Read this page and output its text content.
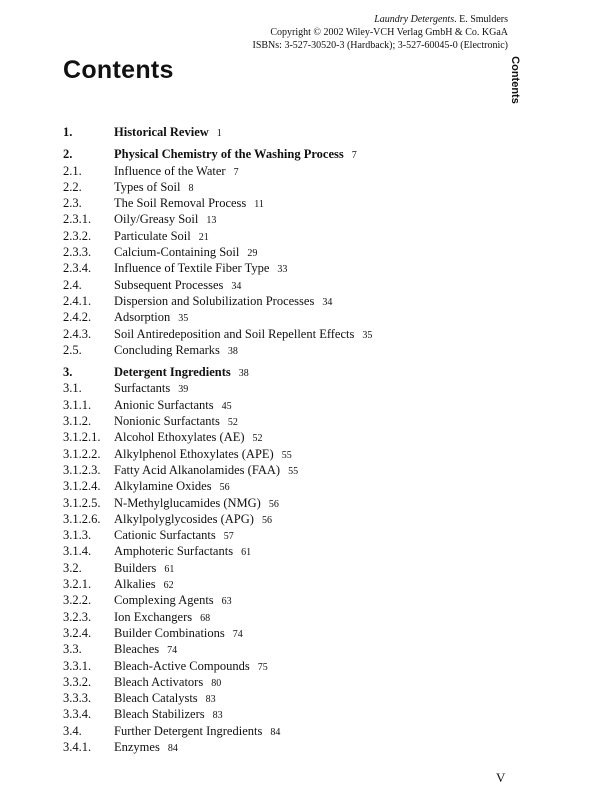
Laundry Detergents. E. Smulders
Copyright © 2002 Wiley-VCH Verlag GmbH & Co. KGaA
ISBNs: 3-527-30520-3 (Hardback); 3-527-60045-0 (Electronic)
Contents
Contents
1.	Historical Review 1
2.	Physical Chemistry of the Washing Process 7
2.1.	Influence of the Water 7
2.2.	Types of Soil 8
2.3.	The Soil Removal Process 11
2.3.1. Oily/Greasy Soil 13
2.3.2. Particulate Soil 21
2.3.3. Calcium-Containing Soil 29
2.3.4. Influence of Textile Fiber Type 33
2.4.	Subsequent Processes 34
2.4.1. Dispersion and Solubilization Processes 34
2.4.2. Adsorption 35
2.4.3. Soil Antiredeposition and Soil Repellent Effects 35
2.5.	Concluding Remarks 38
3.	Detergent Ingredients 38
3.1.	Surfactants 39
3.1.1. Anionic Surfactants 45
3.1.2. Nonionic Surfactants 52
3.1.2.1. Alcohol Ethoxylates (AE) 52
3.1.2.2. Alkylphenol Ethoxylates (APE) 55
3.1.2.3. Fatty Acid Alkanolamides (FAA) 55
3.1.2.4. Alkylamine Oxides 56
3.1.2.5. N-Methylglucamides (NMG) 56
3.1.2.6. Alkylpolyglycosides (APG) 56
3.1.3. Cationic Surfactants 57
3.1.4. Amphoteric Surfactants 61
3.2.	Builders 61
3.2.1. Alkalies 62
3.2.2. Complexing Agents 63
3.2.3. Ion Exchangers 68
3.2.4. Builder Combinations 74
3.3.	Bleaches 74
3.3.1. Bleach-Active Compounds 75
3.3.2. Bleach Activators 80
3.3.3. Bleach Catalysts 83
3.3.4. Bleach Stabilizers 83
3.4.	Further Detergent Ingredients 84
3.4.1. Enzymes 84
V
